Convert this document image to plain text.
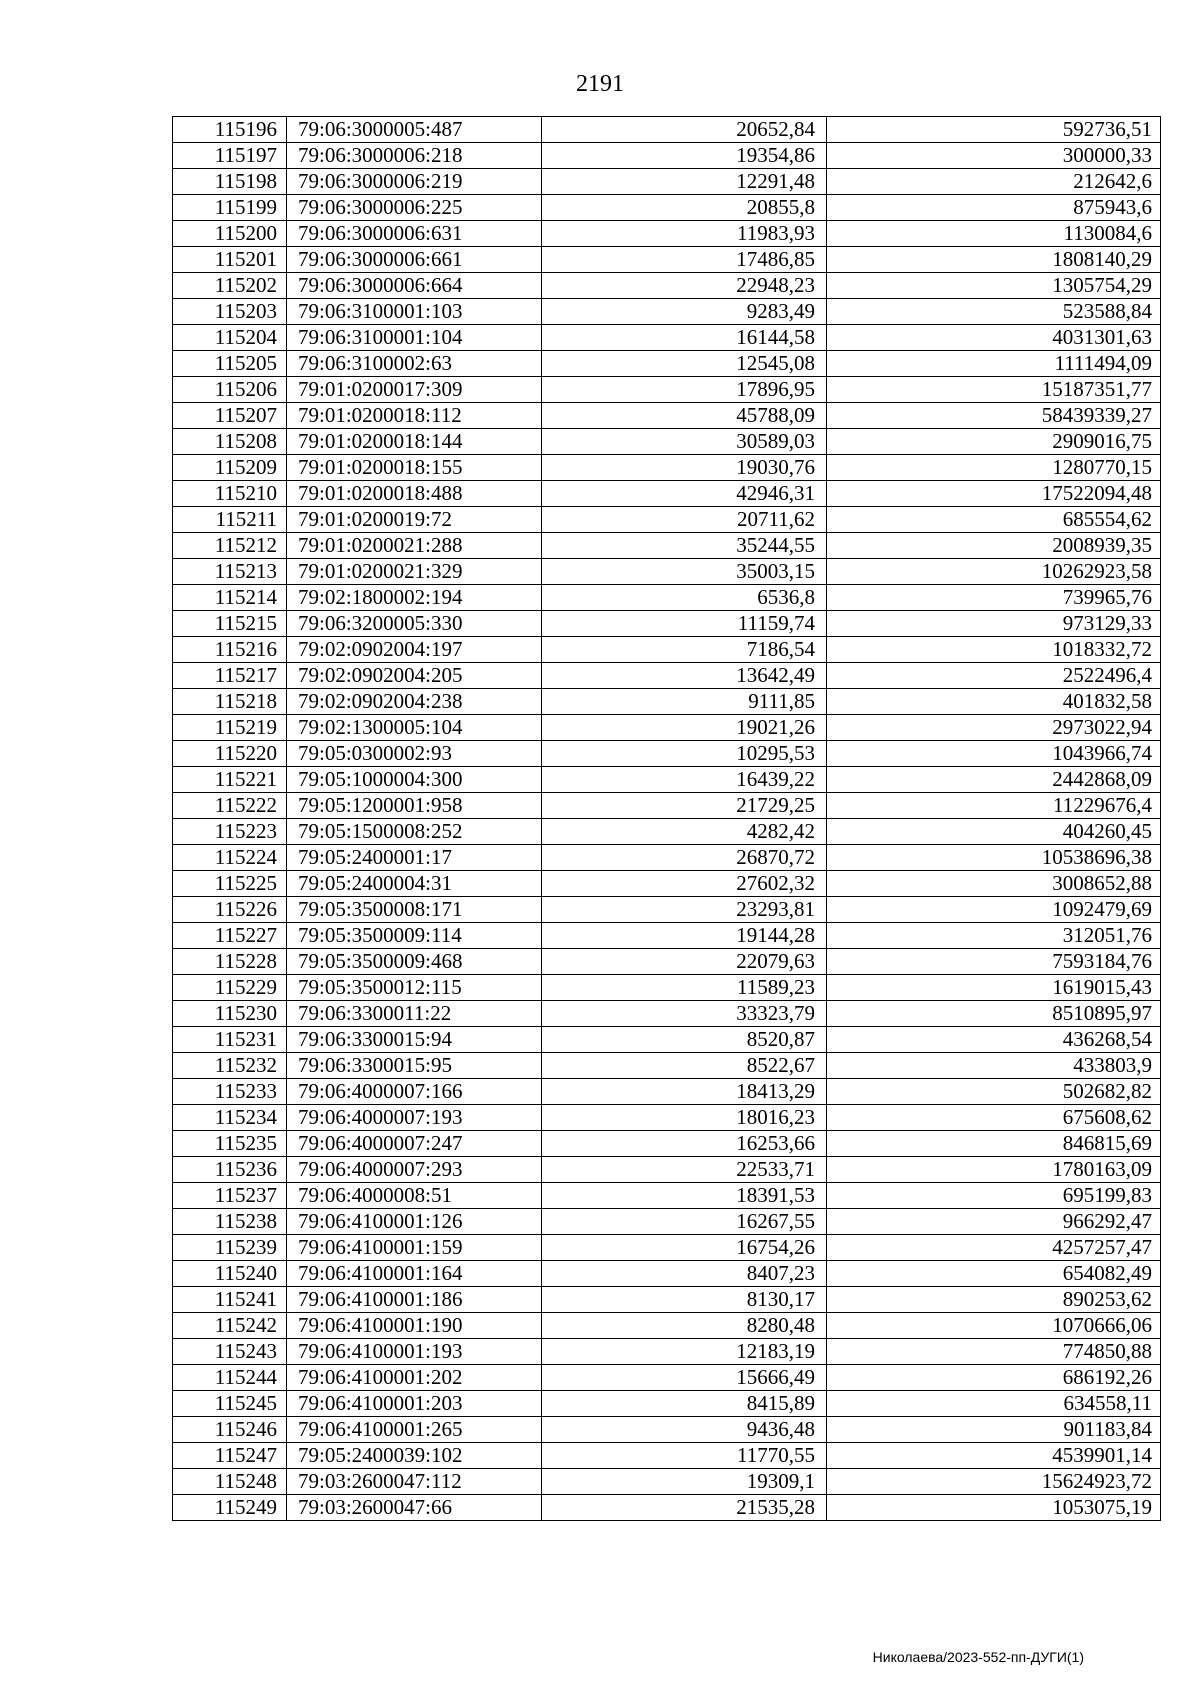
2191
115196	79:06:3000005:487	20652,84	592736,51
115197	79:06:3000006:218	19354,86	300000,33
115198	79:06:3000006:219	12291,48	212642,6
115199	79:06:3000006:225	20855,8	875943,6
115200	79:06:3000006:631	11983,93	1130084,6
115201	79:06:3000006:661	17486,85	1808140,29
115202	79:06:3000006:664	22948,23	1305754,29
115203	79:06:3100001:103	9283,49	523588,84
115204	79:06:3100001:104	16144,58	4031301,63
115205	79:06:3100002:63	12545,08	1111494,09
115206	79:01:0200017:309	17896,95	15187351,77
115207	79:01:0200018:112	45788,09	58439339,27
115208	79:01:0200018:144	30589,03	2909016,75
115209	79:01:0200018:155	19030,76	1280770,15
115210	79:01:0200018:488	42946,31	17522094,48
115211	79:01:0200019:72	20711,62	685554,62
115212	79:01:0200021:288	35244,55	2008939,35
115213	79:01:0200021:329	35003,15	10262923,58
115214	79:02:1800002:194	6536,8	739965,76
115215	79:06:3200005:330	11159,74	973129,33
115216	79:02:0902004:197	7186,54	1018332,72
115217	79:02:0902004:205	13642,49	2522496,4
115218	79:02:0902004:238	9111,85	401832,58
115219	79:02:1300005:104	19021,26	2973022,94
115220	79:05:0300002:93	10295,53	1043966,74
115221	79:05:1000004:300	16439,22	2442868,09
115222	79:05:1200001:958	21729,25	11229676,4
115223	79:05:1500008:252	4282,42	404260,45
115224	79:05:2400001:17	26870,72	10538696,38
115225	79:05:2400004:31	27602,32	3008652,88
115226	79:05:3500008:171	23293,81	1092479,69
115227	79:05:3500009:114	19144,28	312051,76
115228	79:05:3500009:468	22079,63	7593184,76
115229	79:05:3500012:115	11589,23	1619015,43
115230	79:06:3300011:22	33323,79	8510895,97
115231	79:06:3300015:94	8520,87	436268,54
115232	79:06:3300015:95	8522,67	433803,9
115233	79:06:4000007:166	18413,29	502682,82
115234	79:06:4000007:193	18016,23	675608,62
115235	79:06:4000007:247	16253,66	846815,69
115236	79:06:4000007:293	22533,71	1780163,09
115237	79:06:4000008:51	18391,53	695199,83
115238	79:06:4100001:126	16267,55	966292,47
115239	79:06:4100001:159	16754,26	4257257,47
115240	79:06:4100001:164	8407,23	654082,49
115241	79:06:4100001:186	8130,17	890253,62
115242	79:06:4100001:190	8280,48	1070666,06
115243	79:06:4100001:193	12183,19	774850,88
115244	79:06:4100001:202	15666,49	686192,26
115245	79:06:4100001:203	8415,89	634558,11
115246	79:06:4100001:265	9436,48	901183,84
115247	79:05:2400039:102	11770,55	4539901,14
115248	79:03:2600047:112	19309,1	15624923,72
115249	79:03:2600047:66	21535,28	1053075,19
Николаева/2023-552-пп-ДУГИ(1)
